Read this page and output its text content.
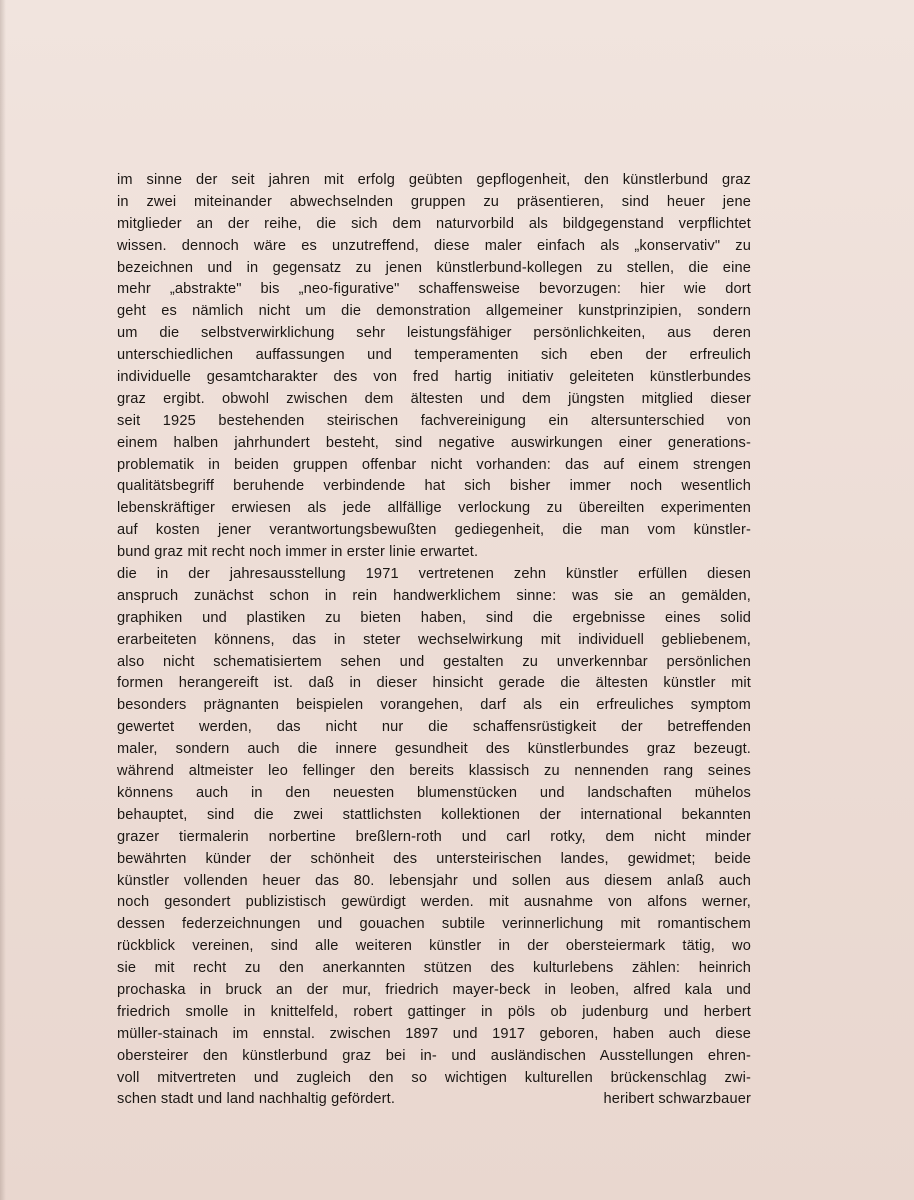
im sinne der seit jahren mit erfolg geübten gepflogenheit, den künstlerbund graz
in zwei miteinander abwechselnden gruppen zu präsentieren, sind heuer jene
mitglieder an der reihe, die sich dem naturvorbild als bildgegenstand verpflichtet
wissen. dennoch wäre es unzutreffend, diese maler einfach als „konservativ" zu
bezeichnen und in gegensatz zu jenen künstlerbund-kollegen zu stellen, die eine
mehr „abstrakte" bis „neo-figurative" schaffensweise bevorzugen: hier wie dort
geht es nämlich nicht um die demonstration allgemeiner kunstprinzipien, sondern
um die selbstverwirklichung sehr leistungsfähiger persönlichkeiten, aus deren
unterschiedlichen auffassungen und temperamenten sich eben der erfreulich
individuelle gesamtcharakter des von fred hartig initiativ geleiteten künstlerbundes
graz ergibt. obwohl zwischen dem ältesten und dem jüngsten mitglied dieser
seit 1925 bestehenden steirischen fachvereinigung ein altersunterschied von
einem halben jahrhundert besteht, sind negative auswirkungen einer generations-
problematik in beiden gruppen offenbar nicht vorhanden: das auf einem strengen
qualitätsbegriff beruhende verbindende hat sich bisher immer noch wesentlich
lebenskräftiger erwiesen als jede allfällige verlockung zu übereilten experimenten
auf kosten jener verantwortungsbewußten gediegenheit, die man vom künstler-
bund graz mit recht noch immer in erster linie erwartet.
die in der jahresausstellung 1971 vertretenen zehn künstler erfüllen diesen
anspruch zunächst schon in rein handwerklichem sinne: was sie an gemälden,
graphiken und plastiken zu bieten haben, sind die ergebnisse eines solid
erarbeiteten könnens, das in steter wechselwirkung mit individuell gebliebenem,
also nicht schematisiertem sehen und gestalten zu unverkennbar persönlichen
formen herangereift ist. daß in dieser hinsicht gerade die ältesten künstler mit
besonders prägnanten beispielen vorangehen, darf als ein erfreuliches symptom
gewertet werden, das nicht nur die schaffensrüstigkeit der betreffenden
maler, sondern auch die innere gesundheit des künstlerbundes graz bezeugt.
während altmeister leo fellinger den bereits klassisch zu nennenden rang seines
könnens auch in den neuesten blumenstücken und landschaften mühelos
behauptet, sind die zwei stattlichsten kollektionen der international bekannten
grazer tiermalerin norbertine breßlern-roth und carl rotky, dem nicht minder
bewährten künder der schönheit des untersteirischen landes, gewidmet; beide
künstler vollenden heuer das 80. lebensjahr und sollen aus diesem anlaß auch
noch gesondert publizistisch gewürdigt werden. mit ausnahme von alfons werner,
dessen federzeichnungen und gouachen subtile verinnerlichung mit romantischem
rückblick vereinen, sind alle weiteren künstler in der obersteiermark tätig, wo
sie mit recht zu den anerkannten stützen des kulturlebens zählen: heinrich
prochaska in bruck an der mur, friedrich mayer-beck in leoben, alfred kala und
friedrich smolle in knittelfeld, robert gattinger in pöls ob judenburg und herbert
müller-stainach im ennstal. zwischen 1897 und 1917 geboren, haben auch diese
obersteirer den künstlerbund graz bei in- und ausländischen Ausstellungen ehren-
voll mitvertreten und zugleich den so wichtigen kulturellen brückenschlag zwi-
schen stadt und land nachhaltig gefördert.	heribert schwarzbauer
